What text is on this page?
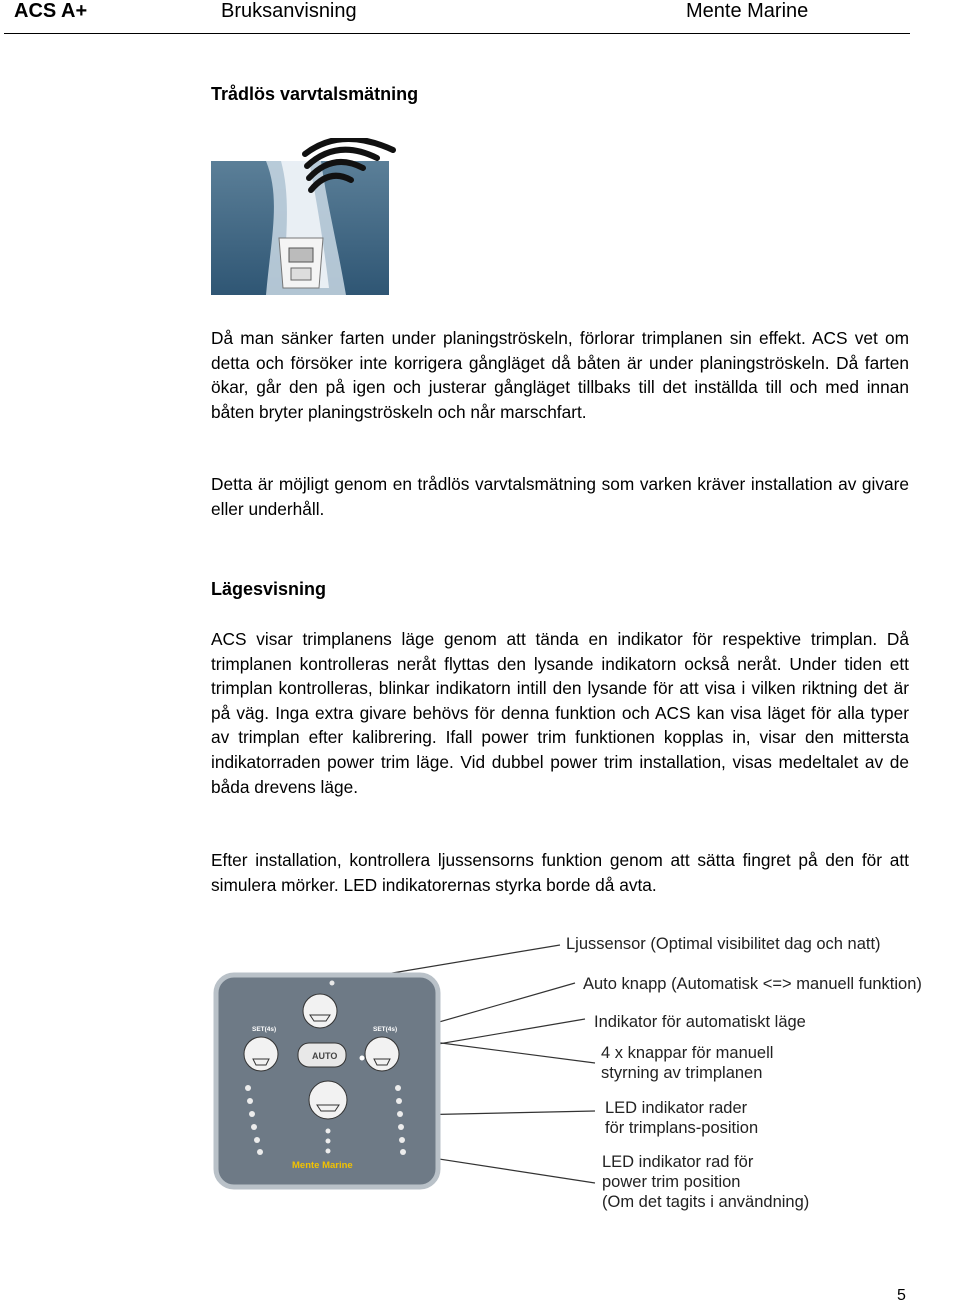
ACS A+	Bruksanvisning	Mente Marine
Trådlös varvtalsmätning

Då man sänker farten under planingströskeln, förlorar trimplanen sin effekt. ACS vet om detta och försöker inte korrigera gångläget då båten är under planingströskeln. Då farten ökar, går den på igen och justerar gångläget tillbaks till det inställda till och med innan båten bryter planingströskeln och når marschfart.

Detta är möjligt genom en trådlös varvtalsmätning som varken kräver installation av givare eller underhåll.

Lägesvisning

ACS visar trimplanens läge genom att tända en indikator för respektive trimplan. Då trimplanen kontrolleras neråt flyttas den lysande indikatorn också neråt. Under tiden ett trimplan kontrolleras, blinkar indikatorn intill den lysande för att visa i vilken riktning det är på väg. Inga extra givare behövs för denna funktion och ACS kan visa läget för alla typer av trimplan efter kalibrering. Ifall power trim funktionen kopplas in, visar den mittersta indikatorraden power trim läge. Vid dubbel power trim installation, visas medeltalet av de båda drevens läge.

Efter installation, kontrollera ljussensorns funktion genom att sätta fingret på den för att simulera mörker. LED indikatorernas styrka borde då avta.

AUTO
SET(4s)	SET(4s)
Mente Marine
Ljussensor (Optimal visibilitet dag och natt)
Auto knapp (Automatisk <=> manuell funktion)
Indikator för automatiskt läge
4 x knappar för manuell
styrning av trimplanen
LED indikator rader
för trimplans-position
LED indikator rad för
power trim position
(Om det tagits i användning)
5
